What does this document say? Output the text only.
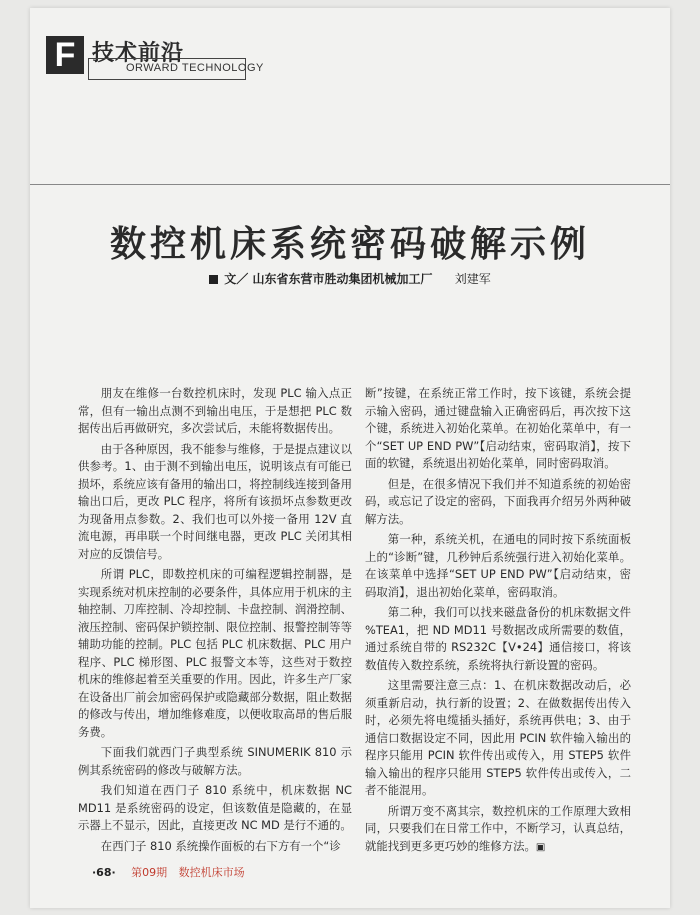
F 技术前沿
ORWARD TECHNOLOGY
数控机床系统密码破解示例
文／ 山东省东营市胜动集团机械加工厂 刘建军

朋友在维修一台数控机床时，发现 PLC 输入点正常，但有一输出点测不到输出电压，于是想把 PLC 数据传出后再做研究，多次尝试后，未能将数据传出。

由于各种原因，我不能参与维修，于是提点建议以供参考。1、由于测不到输出电压，说明该点有可能已损坏，系统应该有备用的输出口，将控制线连接到备用输出口后，更改 PLC 程序，将所有该损坏点参数更改为现备用点参数。2、我们也可以外接一备用 12V 直流电源，再串联一个时间继电器，更改 PLC 关闭其相对应的反馈信号。

所谓 PLC，即数控机床的可编程逻辑控制器，是实现系统对机床控制的必要条件，具体应用于机床的主轴控制、刀库控制、冷却控制、卡盘控制、润滑控制、液压控制、密码保护锁控制、限位控制、报警控制等等辅助功能的控制。PLC 包括 PLC 机床数据、PLC 用户程序、PLC 梯形图、PLC 报警文本等，这些对于数控机床的维修起着至关重要的作用。因此，许多生产厂家在设备出厂前会加密码保护或隐藏部分数据，阻止数据的修改与传出，增加维修难度，以便收取高昂的售后服务费。

下面我们就西门子典型系统 SINUMERIK 810 示例其系统密码的修改与破解方法。

我们知道在西门子 810 系统中，机床数据 NC MD11 是系统密码的设定，但该数值是隐藏的，在显示器上不显示，因此，直接更改 NC MD 是行不通的。

在西门子 810 系统操作面板的右下方有一个“诊

断”按键，在系统正常工作时，按下该键，系统会提示输入密码，通过键盘输入正确密码后，再次按下这个键，系统进入初始化菜单。在初始化菜单中，有一个“SET UP END PW”【启动结束，密码取消】，按下面的软键，系统退出初始化菜单，同时密码取消。

但是，在很多情况下我们并不知道系统的初始密码，或忘记了设定的密码，下面我再介绍另外两种破解方法。

第一种，系统关机，在通电的同时按下系统面板上的“诊断”键，几秒钟后系统强行进入初始化菜单。在该菜单中选择“SET UP END PW”【启动结束，密码取消】，退出初始化菜单，密码取消。

第二种，我们可以找来磁盘备份的机床数据文件 %TEA1，把 ND MD11 号数据改成所需要的数值，通过系统自带的 RS232C【V•24】通信接口，将该数值传入数控系统，系统将执行新设置的密码。

这里需要注意三点：1、在机床数据改动后，必须重新启动，执行新的设置；2、在做数据传出传入时，必须先将电缆插头插好，系统再供电；3、由于通信口数据设定不同，因此用 PCIN 软件输入输出的程序只能用 PCIN 软件传出或传入，用 STEP5 软件输入输出的程序只能用 STEP5 软件传出或传入，二者不能混用。

所谓万变不离其宗，数控机床的工作原理大致相同，只要我们在日常工作中，不断学习，认真总结，就能找到更多更巧妙的维修方法。▣

·68· 第09期 数控机床市场
